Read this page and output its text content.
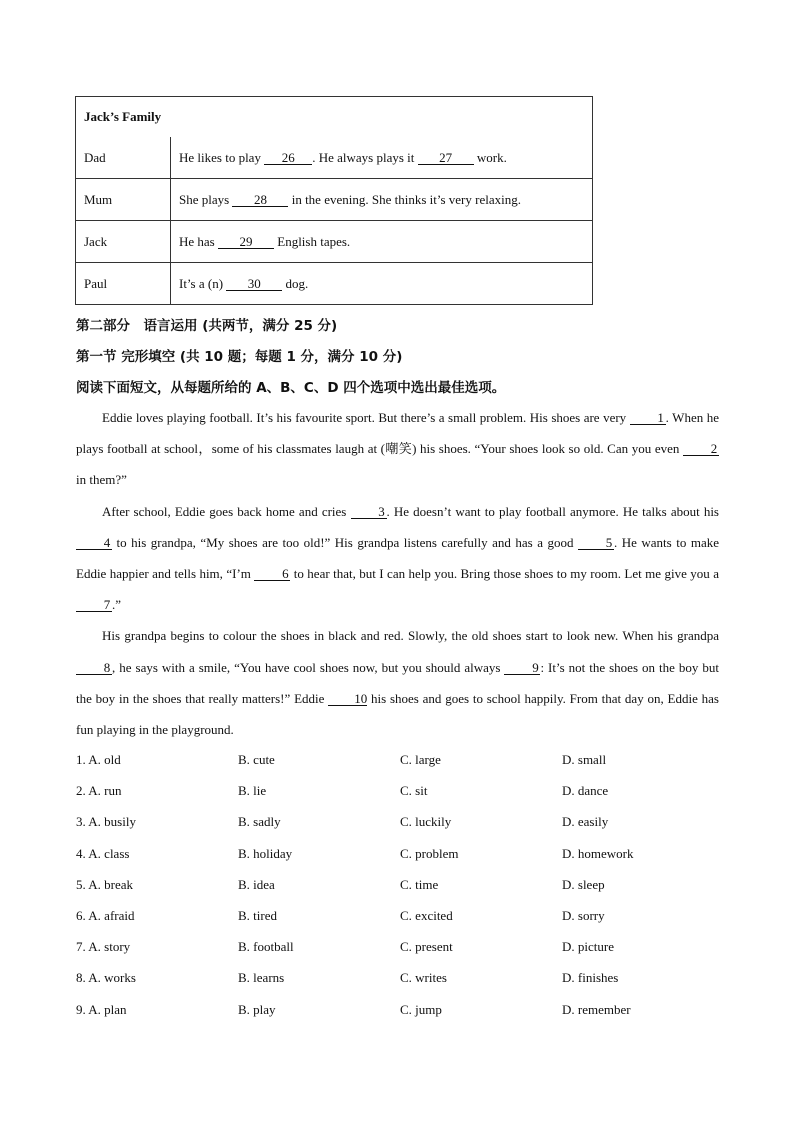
Jack’s Family	
Dad	He likes to play 26 . He always plays it 27 work.
Mum	She plays 28 in the evening. She thinks it’s very relaxing.
Jack	He has 29 English tapes.
Paul	It’s a (n) 30 dog.
第二部分　语言运用 (共两节，满分 25 分)
第一节 完形填空 (共 10 题；每题 1 分，满分 10 分)
阅读下面短文，从每题所给的 A、B、C、D 四个选项中选出最佳选项。

Eddie loves playing football. It’s his favourite sport. But there’s a small problem. His shoes are very 1 . When he plays football at school，some of his classmates laugh at (嘲笑) his shoes. “Your shoes look so old. Can you even 2 in them?”

After school, Eddie goes back home and cries 3 . He doesn’t want to play football anymore. He talks about his 4 to his grandpa, “My shoes are too old!” His grandpa listens carefully and has a good 5 . He wants to make Eddie happier and tells him, “I’m 6 to hear that, but I can help you. Bring those shoes to my room. Let me give you a 7 .”

His grandpa begins to colour the shoes in black and red. Slowly, the old shoes start to look new. When his grandpa 8 , he says with a smile, “You have cool shoes now, but you should always 9 : It’s not the shoes on the boy but the boy in the shoes that really matters!” Eddie 10 his shoes and goes to school happily. From that day on, Eddie has fun playing in the playground.

1. A. old	B. cute	C. large	D. small
2. A. run	B. lie	C. sit	D. dance
3. A. busily	B. sadly	C. luckily	D. easily
4. A. class	B. holiday	C. problem	D. homework
5. A. break	B. idea	C. time	D. sleep
6. A. afraid	B. tired	C. excited	D. sorry
7. A. story	B. football	C. present	D. picture
8. A. works	B. learns	C. writes	D. finishes
9. A. plan	B. play	C. jump	D. remember
